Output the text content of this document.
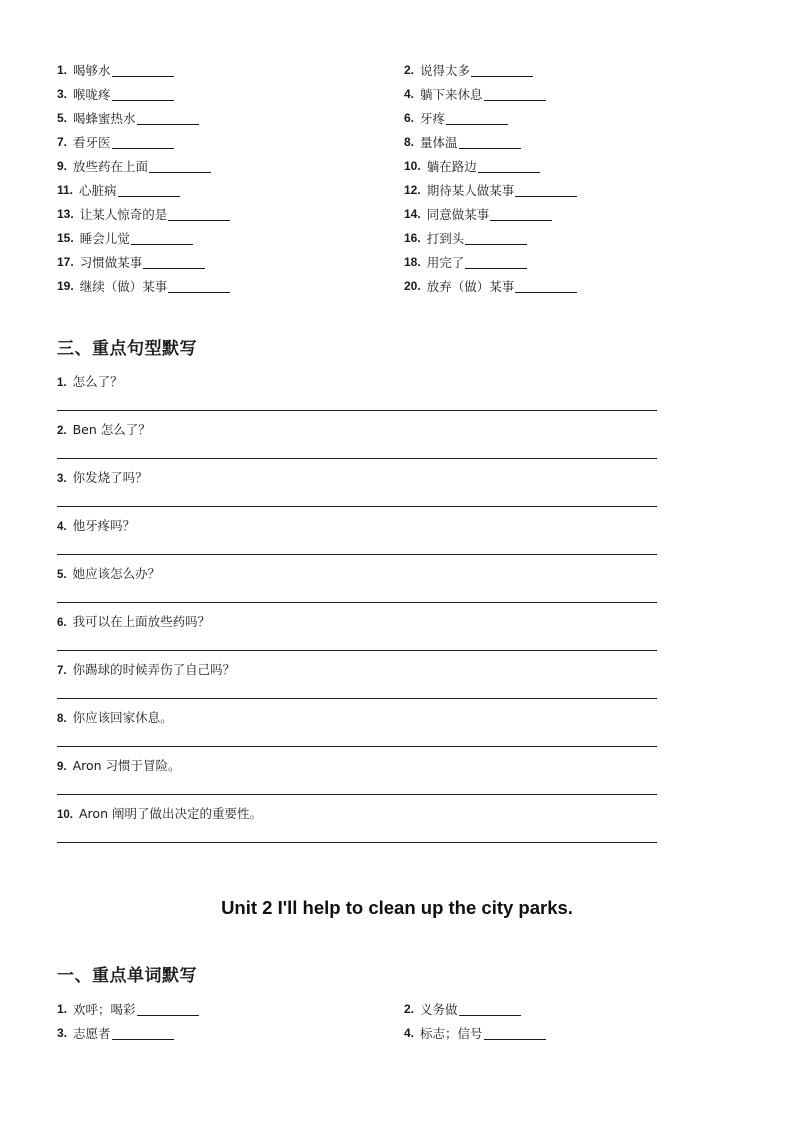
1. 喝够水	2. 说得太多
3. 喉咙疼	4. 躺下来休息
5. 喝蜂蜜热水	6. 牙疼
7. 看牙医	8. 量体温
9. 放些药在上面	10. 躺在路边
11. 心脏病	12. 期待某人做某事
13. 让某人惊奇的是	14. 同意做某事
15. 睡会儿觉	16. 打到头
17. 习惯做某事	18. 用完了
19. 继续（做）某事	20. 放弃（做）某事
三、重点句型默写
1. 怎么了？
2. Ben 怎么了？
3. 你发烧了吗？
4. 他牙疼吗？
5. 她应该怎么办？
6. 我可以在上面放些药吗？
7. 你踢球的时候弄伤了自己吗？
8. 你应该回家休息。
9. Aron 习惯于冒险。
10. Aron 阐明了做出决定的重要性。
Unit 2 I'll help to clean up the city parks.
一、重点单词默写
1. 欢呼；喝彩	2. 义务做
3. 志愿者	4. 标志；信号
